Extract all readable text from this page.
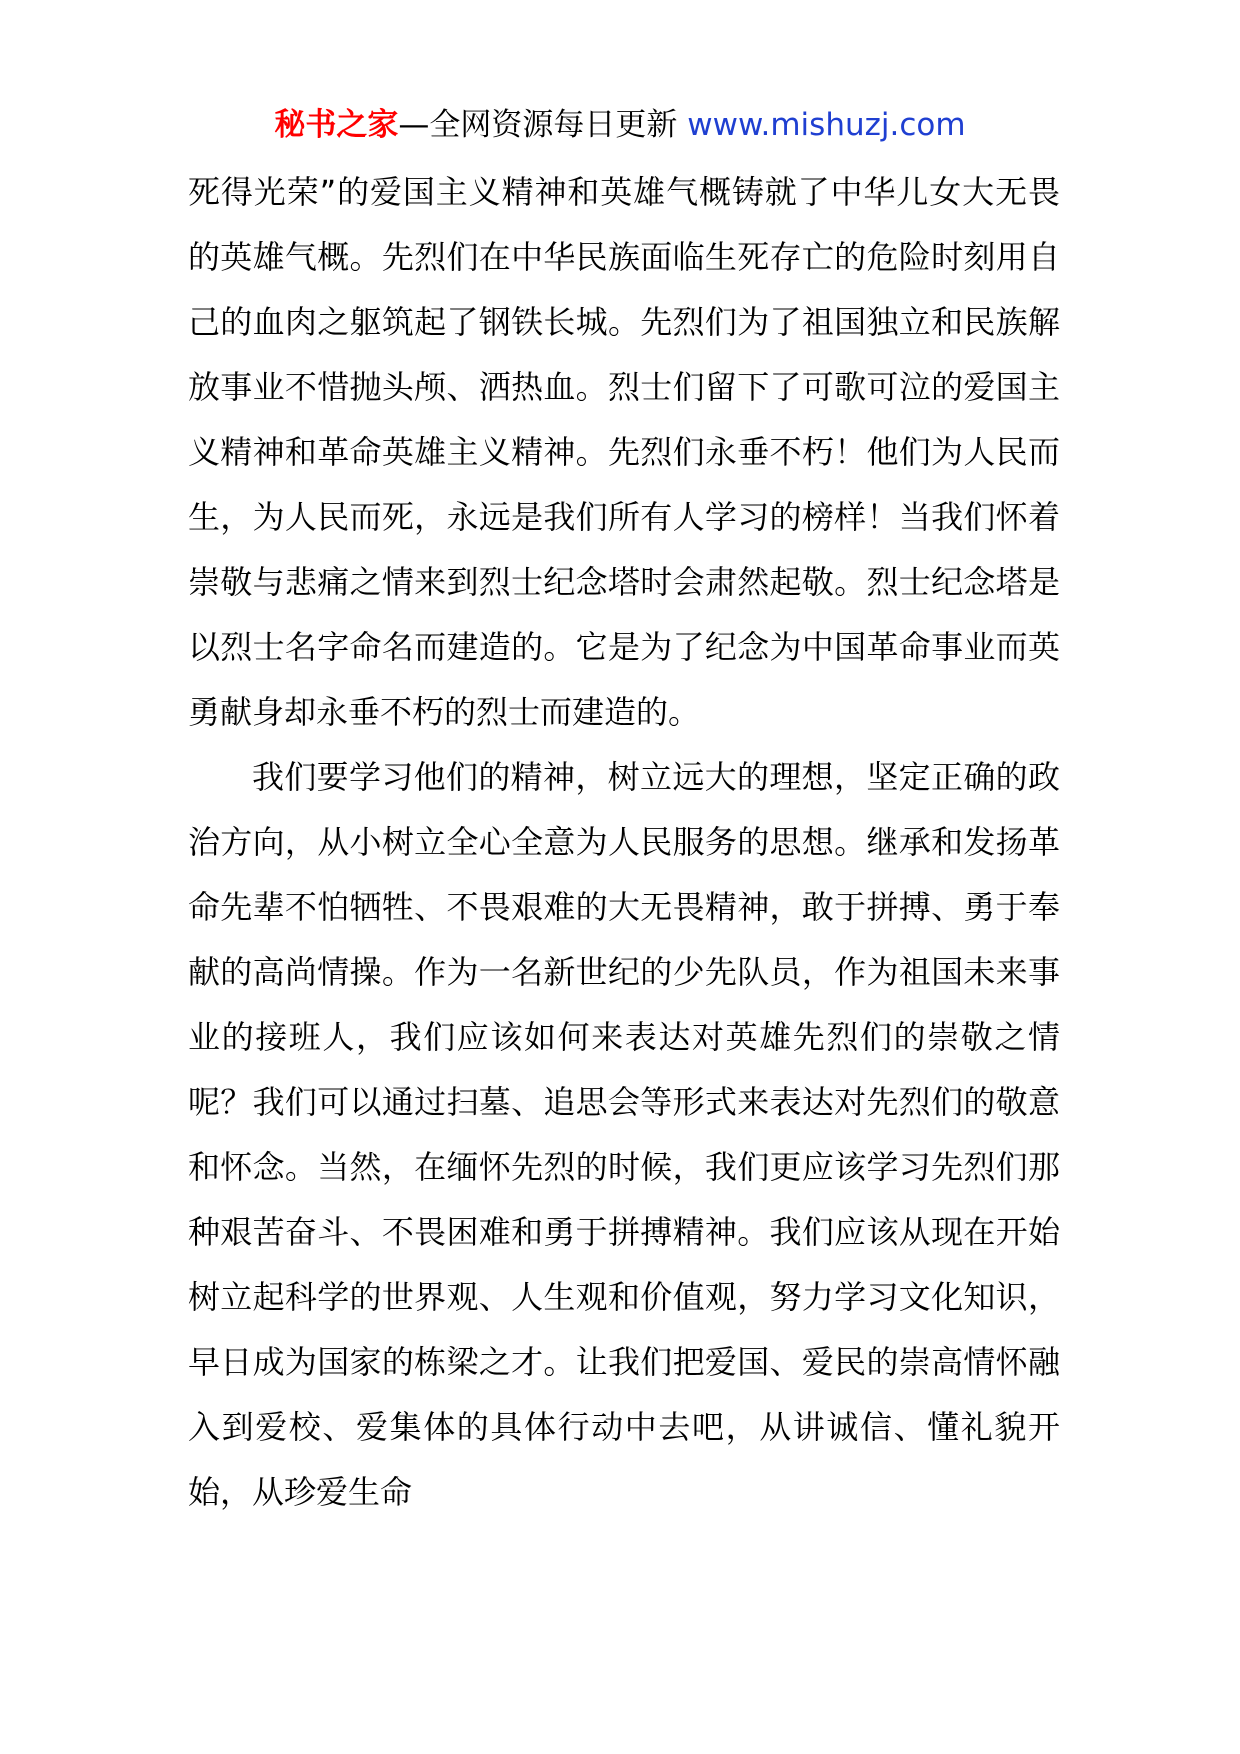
秘书之家—全网资源每日更新 www.mishuzj.com

死得光荣”的爱国主义精神和英雄气概铸就了中华儿女大无畏的英雄气概。先烈们在中华民族面临生死存亡的危险时刻用自己的血肉之躯筑起了钢铁长城。先烈们为了祖国独立和民族解放事业不惜抛头颅、洒热血。烈士们留下了可歌可泣的爱国主义精神和革命英雄主义精神。先烈们永垂不朽！他们为人民而生，为人民而死，永远是我们所有人学习的榜样！当我们怀着崇敬与悲痛之情来到烈士纪念塔时会肃然起敬。烈士纪念塔是以烈士名字命名而建造的。它是为了纪念为中国革命事业而英勇献身却永垂不朽的烈士而建造的。

我们要学习他们的精神，树立远大的理想，坚定正确的政治方向，从小树立全心全意为人民服务的思想。继承和发扬革命先辈不怕牺牲、不畏艰难的大无畏精神，敢于拼搏、勇于奉献的高尚情操。作为一名新世纪的少先队员，作为祖国未来事业的接班人，我们应该如何来表达对英雄先烈们的崇敬之情呢？我们可以通过扫墓、追思会等形式来表达对先烈们的敬意和怀念。当然，在缅怀先烈的时候，我们更应该学习先烈们那种艰苦奋斗、不畏困难和勇于拼搏精神。我们应该从现在开始树立起科学的世界观、人生观和价值观，努力学习文化知识，早日成为国家的栋梁之才。让我们把爱国、爱民的崇高情怀融入到爱校、爱集体的具体行动中去吧，从讲诚信、懂礼貌开始，从珍爱生命
